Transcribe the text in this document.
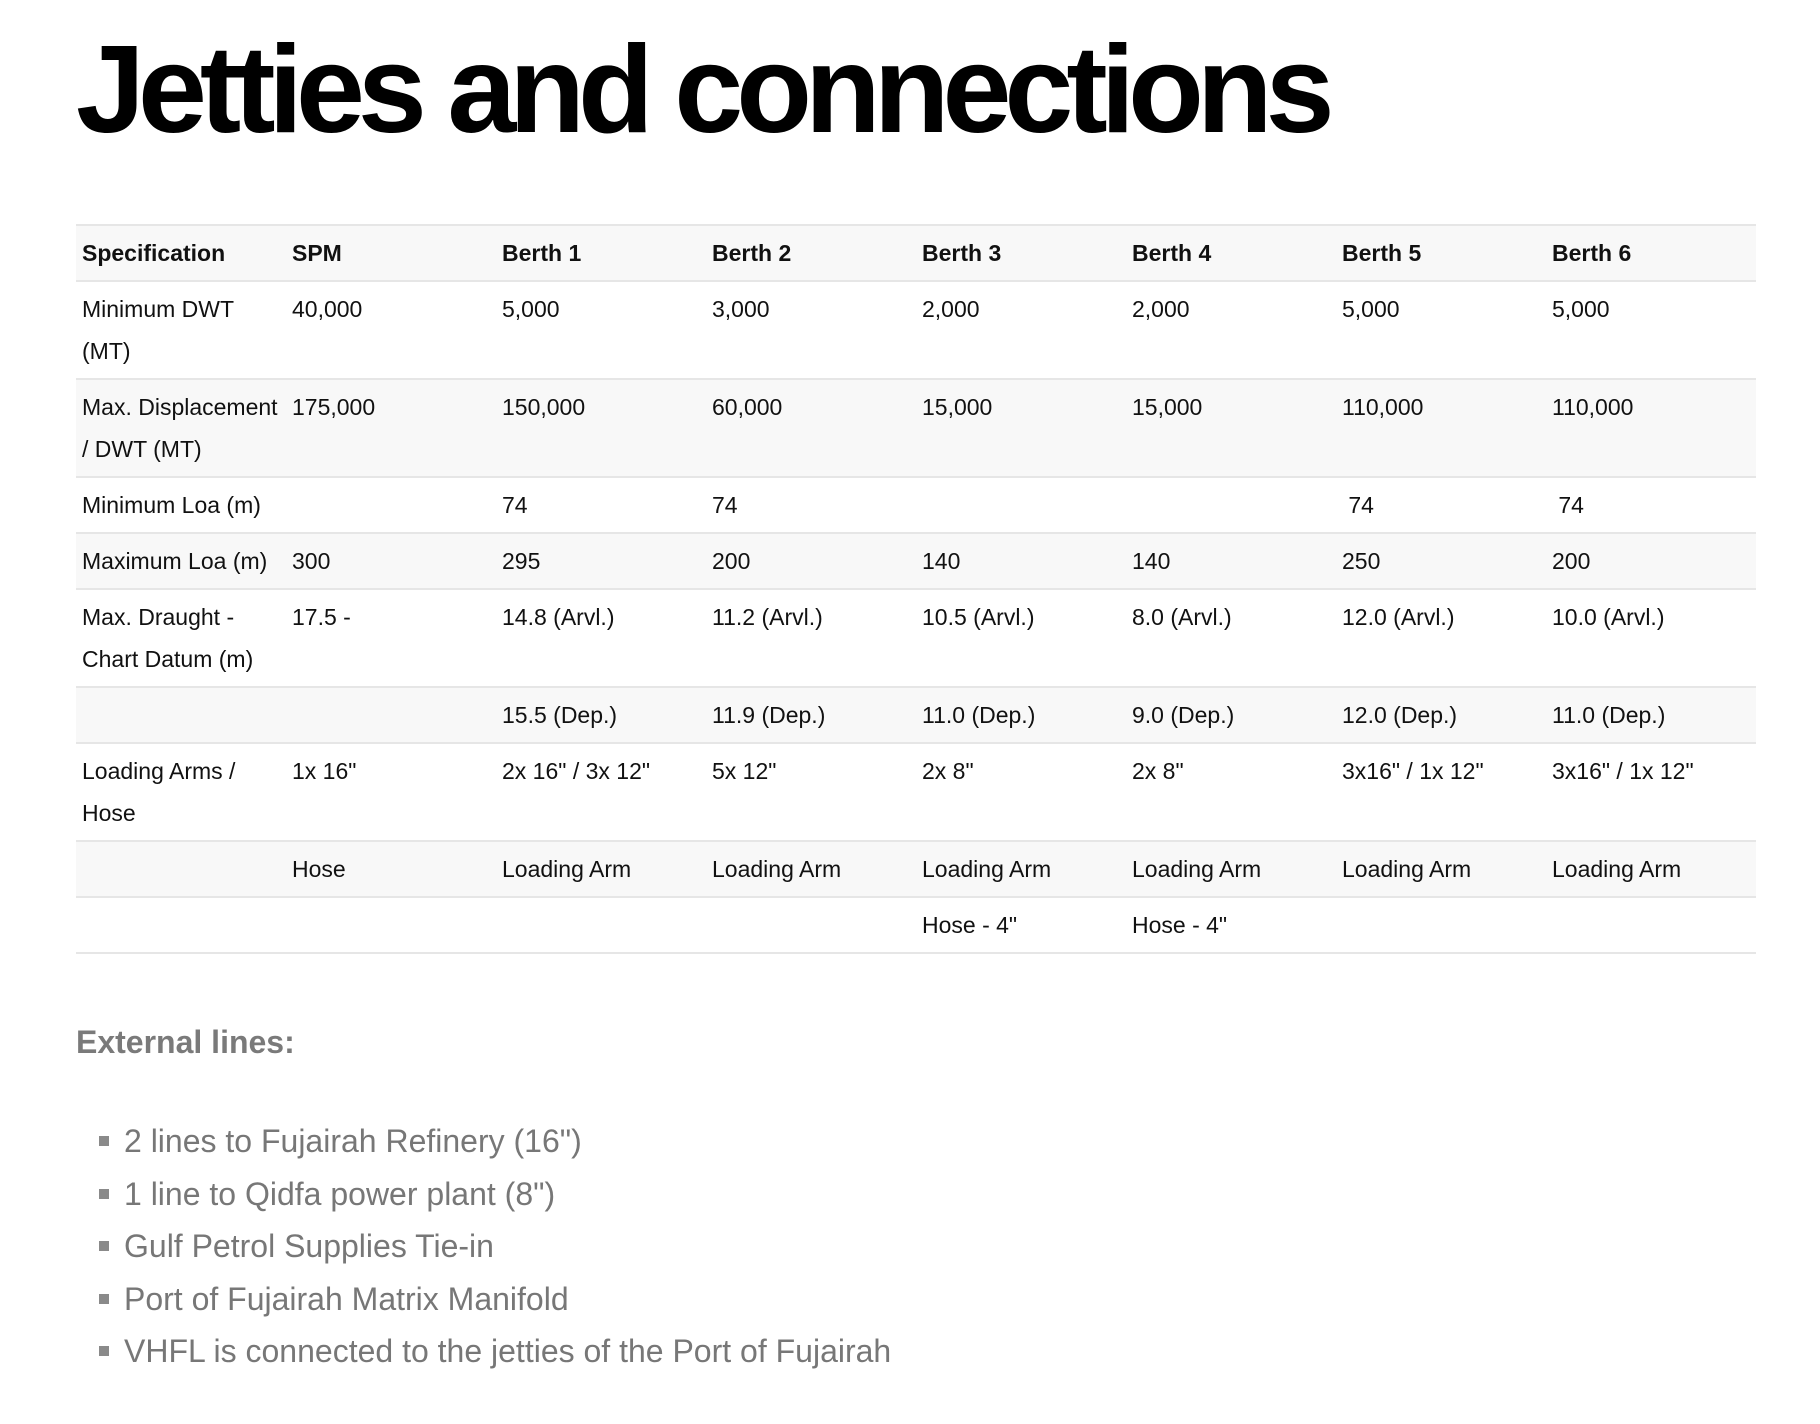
Jetties and connections
Specification	SPM	Berth 1	Berth 2	Berth 3	Berth 4	Berth 5	Berth 6
Minimum DWT (MT)	40,000	5,000	3,000	2,000	2,000	5,000	5,000
Max. Displacement / DWT (MT)	175,000	150,000	60,000	15,000	15,000	110,000	110,000
Minimum Loa (m)		74	74			74	74
Maximum Loa (m)	300	295	200	140	140	250	200
Max. Draught - Chart Datum (m)	17.5 -	14.8 (Arvl.)	11.2 (Arvl.)	10.5 (Arvl.)	8.0 (Arvl.)	12.0 (Arvl.)	10.0 (Arvl.)
		15.5 (Dep.)	11.9 (Dep.)	11.0 (Dep.)	9.0 (Dep.)	12.0 (Dep.)	11.0 (Dep.)
Loading Arms / Hose	1x 16"	2x 16" / 3x 12"	5x 12"	2x 8"	2x 8"	3x16" / 1x 12"	3x16" / 1x 12"
	Hose	Loading Arm	Loading Arm	Loading Arm	Loading Arm	Loading Arm	Loading Arm
				Hose - 4"	Hose - 4"		
External lines:
2 lines to Fujairah Refinery (16")
1 line to Qidfa power plant (8")
Gulf Petrol Supplies Tie-in
Port of Fujairah Matrix Manifold
VHFL is connected to the jetties of the Port of Fujairah
